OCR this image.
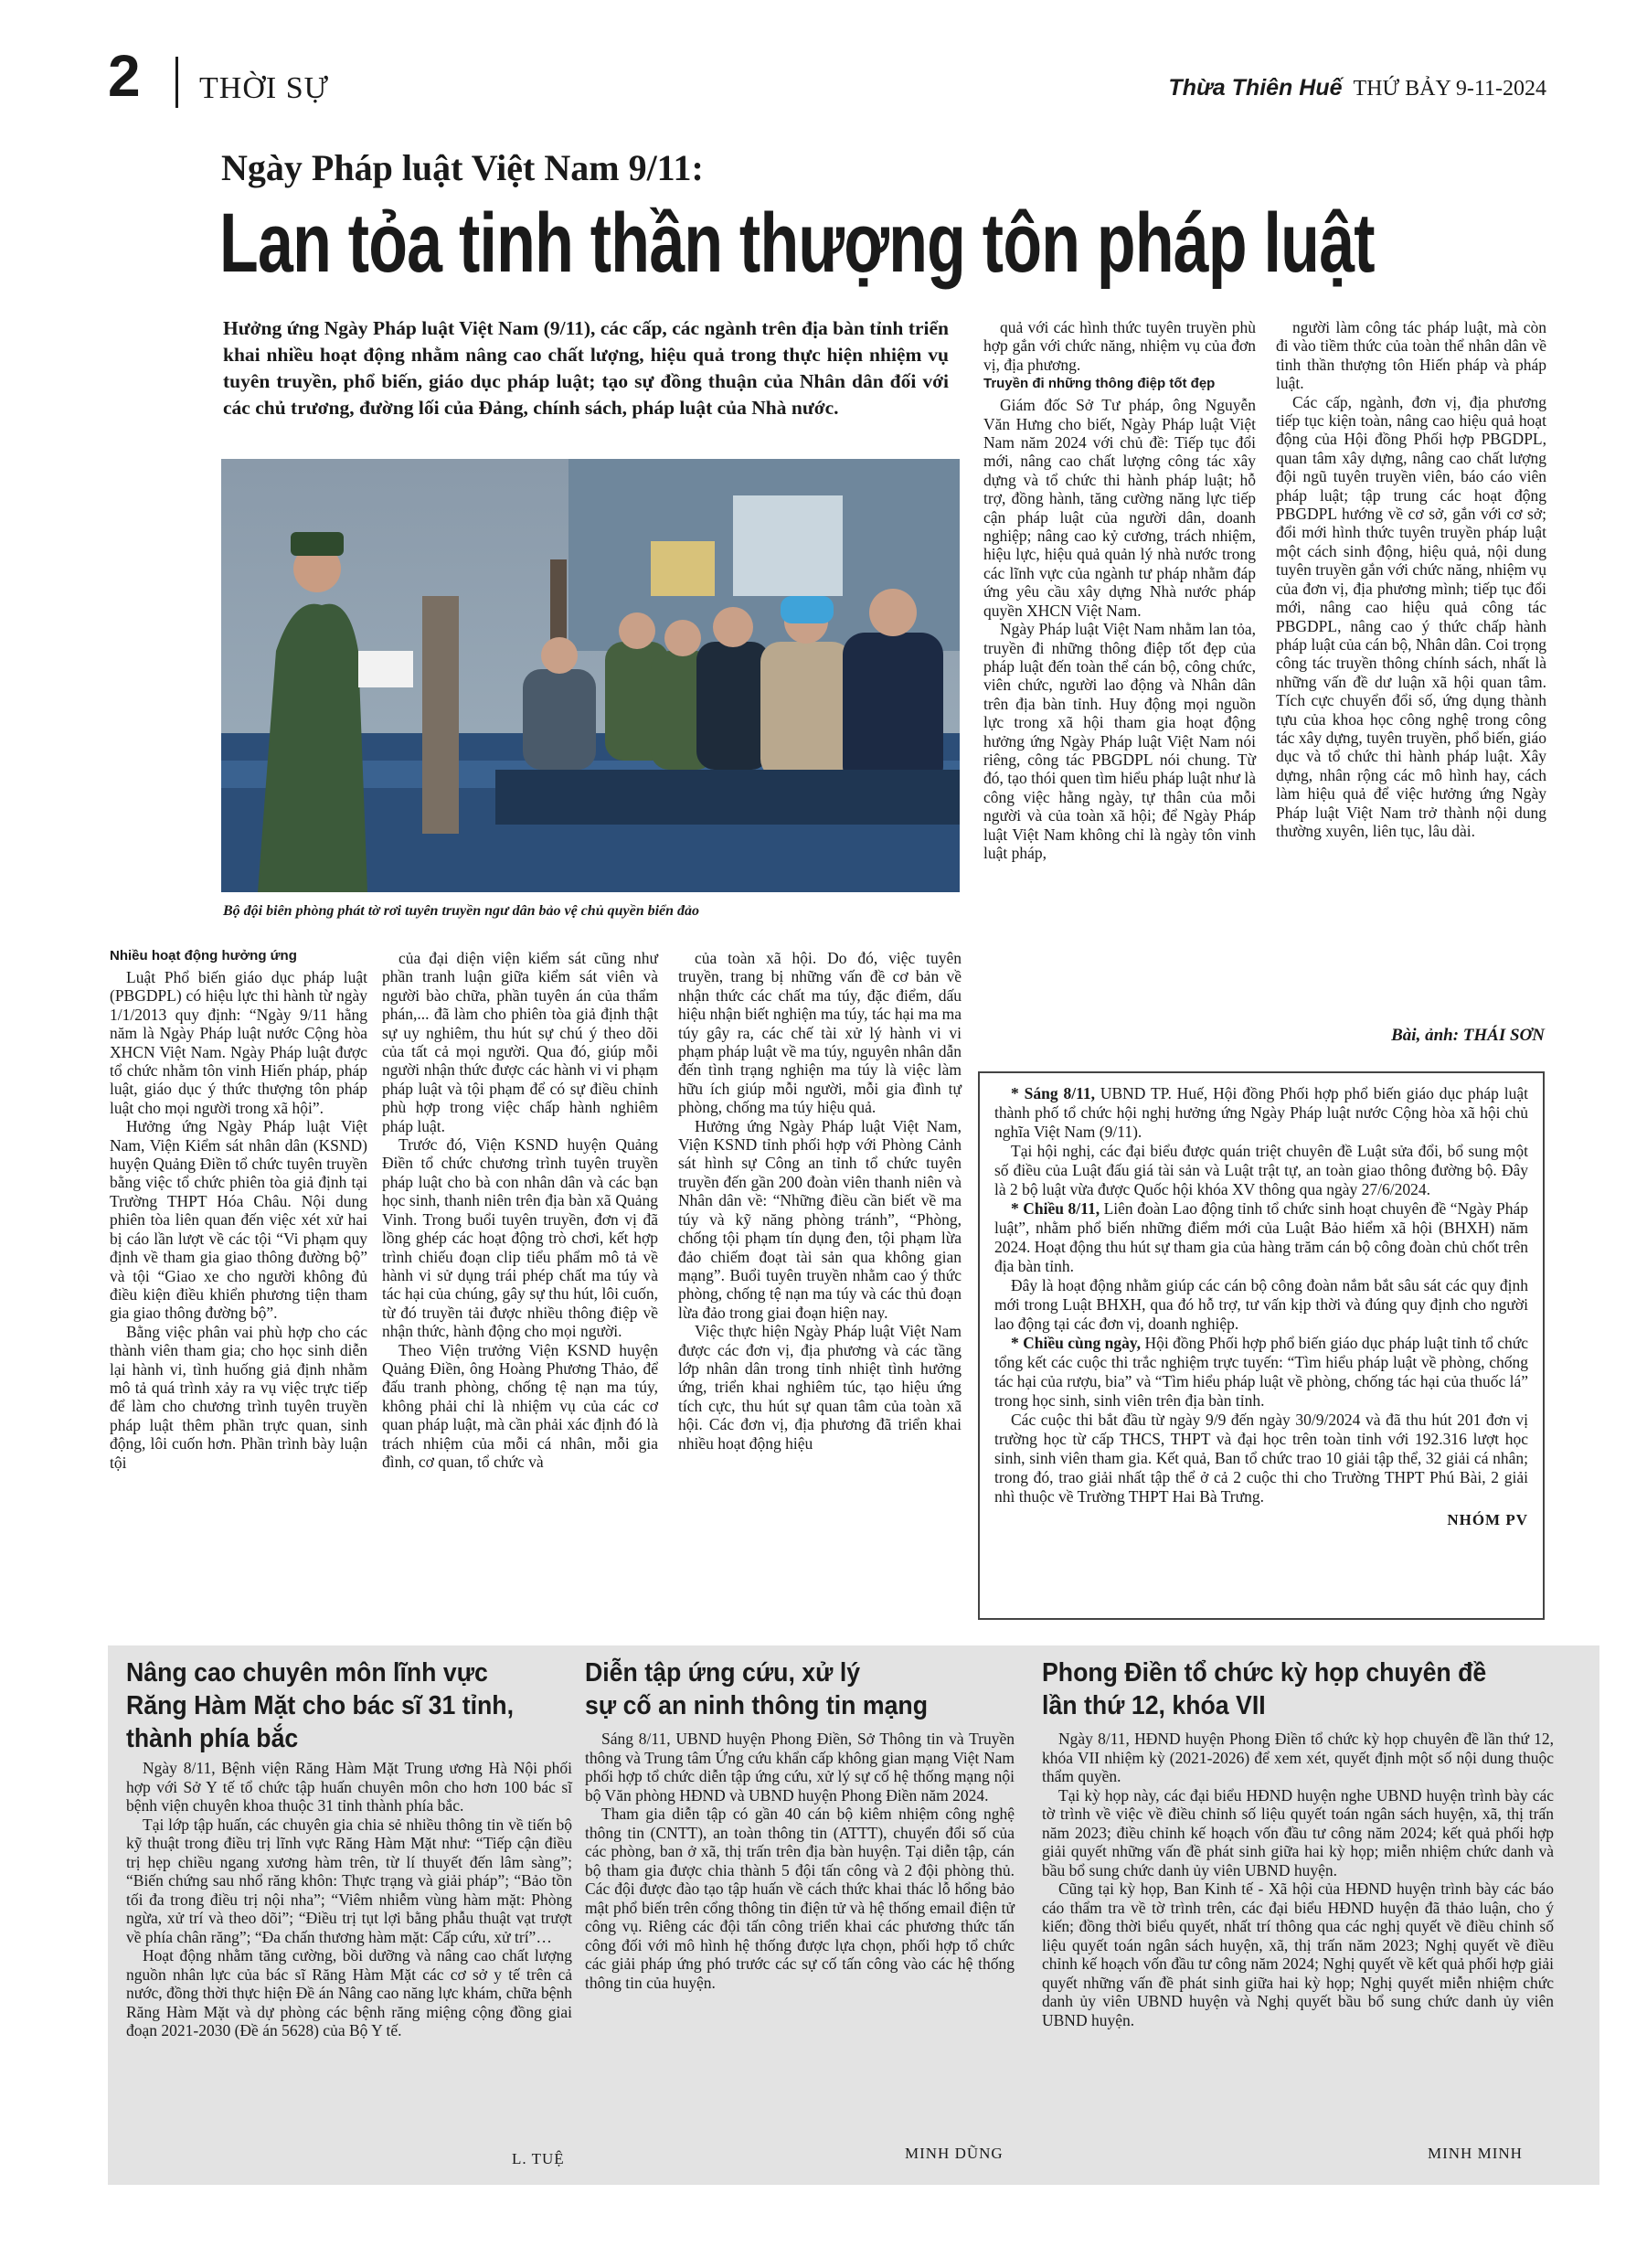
2 THỜI SỰ	Thừa Thiên Huế THỨ BẢY 9-11-2024
Ngày Pháp luật Việt Nam 9/11:
Lan tỏa tinh thần thượng tôn pháp luật
Hưởng ứng Ngày Pháp luật Việt Nam (9/11), các cấp, các ngành trên địa bàn tỉnh triển khai nhiều hoạt động nhằm nâng cao chất lượng, hiệu quả trong thực hiện nhiệm vụ tuyên truyền, phổ biến, giáo dục pháp luật; tạo sự đồng thuận của Nhân dân đối với các chủ trương, đường lối của Đảng, chính sách, pháp luật của Nhà nước.
Bộ đội biên phòng phát tờ rơi tuyên truyền ngư dân bảo vệ chủ quyền biển đảo

Nhiều hoạt động hưởng ứng

Luật Phổ biến giáo dục pháp luật (PBGDPL) có hiệu lực thi hành từ ngày 1/1/2013 quy định: “Ngày 9/11 hằng năm là Ngày Pháp luật nước Cộng hòa XHCN Việt Nam. Ngày Pháp luật được tổ chức nhằm tôn vinh Hiến pháp, pháp luật, giáo dục ý thức thượng tôn pháp luật cho mọi người trong xã hội”.

Hưởng ứng Ngày Pháp luật Việt Nam, Viện Kiểm sát nhân dân (KSND) huyện Quảng Điền tổ chức tuyên truyền bằng việc tổ chức phiên tòa giả định tại Trường THPT Hóa Châu. Nội dung phiên tòa liên quan đến việc xét xử hai bị cáo lần lượt về các tội “Vi phạm quy định về tham gia giao thông đường bộ” và tội “Giao xe cho người không đủ điều kiện điều khiển phương tiện tham gia giao thông đường bộ”.

Bằng việc phân vai phù hợp cho các thành viên tham gia; cho học sinh diễn lại hành vi, tình huống giả định nhằm mô tả quá trình xảy ra vụ việc trực tiếp để làm cho chương trình tuyên truyền pháp luật thêm phần trực quan, sinh động, lôi cuốn hơn. Phần trình bày luận tội

của đại diện viện kiểm sát cũng như phần tranh luận giữa kiểm sát viên và người bào chữa, phần tuyên án của thẩm phán,... đã làm cho phiên tòa giả định thật sự uy nghiêm, thu hút sự chú ý theo dõi của tất cả mọi người. Qua đó, giúp mỗi người nhận thức được các hành vi vi phạm pháp luật và tội phạm để có sự điều chỉnh phù hợp trong việc chấp hành nghiêm pháp luật.

Trước đó, Viện KSND huyện Quảng Điền tổ chức chương trình tuyên truyền pháp luật cho bà con nhân dân và các bạn học sinh, thanh niên trên địa bàn xã Quảng Vinh. Trong buổi tuyên truyền, đơn vị đã lồng ghép các hoạt động trò chơi, kết hợp trình chiếu đoạn clip tiểu phẩm mô tả về hành vi sử dụng trái phép chất ma túy và tác hại của chúng, gây sự thu hút, lôi cuốn, từ đó truyền tải được nhiều thông điệp về nhận thức, hành động cho mọi người.

Theo Viện trưởng Viện KSND huyện Quảng Điền, ông Hoàng Phương Thảo, để đấu tranh phòng, chống tệ nạn ma túy, không phải chỉ là nhiệm vụ của các cơ quan pháp luật, mà cần phải xác định đó là trách nhiệm của mỗi cá nhân, mỗi gia đình, cơ quan, tổ chức và

của toàn xã hội. Do đó, việc tuyên truyền, trang bị những vấn đề cơ bản về nhận thức các chất ma túy, đặc điểm, dấu hiệu nhận biết nghiện ma túy, tác hại ma ma túy gây ra, các chế tài xử lý hành vi vi phạm pháp luật về ma túy, nguyên nhân dẫn đến tình trạng nghiện ma túy là việc làm hữu ích giúp mỗi người, mỗi gia đình tự phòng, chống ma túy hiệu quả.

Hưởng ứng Ngày Pháp luật Việt Nam, Viện KSND tỉnh phối hợp với Phòng Cảnh sát hình sự Công an tỉnh tổ chức tuyên truyền đến gần 200 đoàn viên thanh niên và Nhân dân về: “Những điều cần biết về ma túy và kỹ năng phòng tránh”, “Phòng, chống tội phạm tín dụng đen, tội phạm lừa đảo chiếm đoạt tài sản qua không gian mạng”. Buổi tuyên truyền nhằm cao ý thức phòng, chống tệ nạn ma túy và các thủ đoạn lừa đảo trong giai đoạn hiện nay.

Việc thực hiện Ngày Pháp luật Việt Nam được các đơn vị, địa phương và các tầng lớp nhân dân trong tỉnh nhiệt tình hưởng ứng, triển khai nghiêm túc, tạo hiệu ứng tích cực, thu hút sự quan tâm của toàn xã hội. Các đơn vị, địa phương đã triển khai nhiều hoạt động hiệu

quả với các hình thức tuyên truyền phù hợp gắn với chức năng, nhiệm vụ của đơn vị, địa phương.

Truyền đi những thông điệp tốt đẹp

Giám đốc Sở Tư pháp, ông Nguyễn Văn Hưng cho biết, Ngày Pháp luật Việt Nam năm 2024 với chủ đề: Tiếp tục đổi mới, nâng cao chất lượng công tác xây dựng và tổ chức thi hành pháp luật; hỗ trợ, đồng hành, tăng cường năng lực tiếp cận pháp luật của người dân, doanh nghiệp; nâng cao kỷ cương, trách nhiệm, hiệu lực, hiệu quả quản lý nhà nước trong các lĩnh vực của ngành tư pháp nhằm đáp ứng yêu cầu xây dựng Nhà nước pháp quyền XHCN Việt Nam.

Ngày Pháp luật Việt Nam nhằm lan tỏa, truyền đi những thông điệp tốt đẹp của pháp luật đến toàn thể cán bộ, công chức, viên chức, người lao động và Nhân dân trên địa bàn tỉnh. Huy động mọi nguồn lực trong xã hội tham gia hoạt động hưởng ứng Ngày Pháp luật Việt Nam nói riêng, công tác PBGDPL nói chung. Từ đó, tạo thói quen tìm hiểu pháp luật như là công việc hằng ngày, tự thân của mỗi người và của toàn xã hội; để Ngày Pháp luật Việt Nam không chỉ là ngày tôn vinh luật pháp,

người làm công tác pháp luật, mà còn đi vào tiềm thức của toàn thể nhân dân về tinh thần thượng tôn Hiến pháp và pháp luật.

Các cấp, ngành, đơn vị, địa phương tiếp tục kiện toàn, nâng cao hiệu quả hoạt động của Hội đồng Phối hợp PBGDPL, quan tâm xây dựng, nâng cao chất lượng đội ngũ tuyên truyền viên, báo cáo viên pháp luật; tập trung các hoạt động PBGDPL hướng về cơ sở, gắn với cơ sở; đổi mới hình thức tuyên truyền pháp luật một cách sinh động, hiệu quả, nội dung tuyên truyền gắn với chức năng, nhiệm vụ của đơn vị, địa phương mình; tiếp tục đổi mới, nâng cao hiệu quả công tác PBGDPL, nâng cao ý thức chấp hành pháp luật của cán bộ, Nhân dân. Coi trọng công tác truyền thông chính sách, nhất là những vấn đề dư luận xã hội quan tâm. Tích cực chuyển đổi số, ứng dụng thành tựu của khoa học công nghệ trong công tác xây dựng, tuyên truyền, phổ biến, giáo dục và tổ chức thi hành pháp luật. Xây dựng, nhân rộng các mô hình hay, cách làm hiệu quả để việc hưởng ứng Ngày Pháp luật Việt Nam trở thành nội dung thường xuyên, liên tục, lâu dài.

Bài, ảnh: THÁI SƠN

* Sáng 8/11, UBND TP. Huế, Hội đồng Phối hợp phổ biến giáo dục pháp luật thành phố tổ chức hội nghị hưởng ứng Ngày Pháp luật nước Cộng hòa xã hội chủ nghĩa Việt Nam (9/11).

Tại hội nghị, các đại biểu được quán triệt chuyên đề Luật sửa đổi, bổ sung một số điều của Luật đấu giá tài sản và Luật trật tự, an toàn giao thông đường bộ. Đây là 2 bộ luật vừa được Quốc hội khóa XV thông qua ngày 27/6/2024.

* Chiều 8/11, Liên đoàn Lao động tỉnh tổ chức sinh hoạt chuyên đề “Ngày Pháp luật”, nhằm phổ biến những điểm mới của Luật Bảo hiểm xã hội (BHXH) năm 2024. Hoạt động thu hút sự tham gia của hàng trăm cán bộ công đoàn chủ chốt trên địa bàn tỉnh.

Đây là hoạt động nhằm giúp các cán bộ công đoàn nắm bắt sâu sát các quy định mới trong Luật BHXH, qua đó hỗ trợ, tư vấn kịp thời và đúng quy định cho người lao động tại các đơn vị, doanh nghiệp.

* Chiều cùng ngày, Hội đồng Phối hợp phổ biến giáo dục pháp luật tỉnh tổ chức tổng kết các cuộc thi trắc nghiệm trực tuyến: “Tìm hiểu pháp luật về phòng, chống tác hại của rượu, bia” và “Tìm hiểu pháp luật về phòng, chống tác hại của thuốc lá” trong học sinh, sinh viên trên địa bàn tỉnh.

Các cuộc thi bắt đầu từ ngày 9/9 đến ngày 30/9/2024 và đã thu hút 201 đơn vị trường học từ cấp THCS, THPT và đại học trên toàn tỉnh với 192.316 lượt học sinh, sinh viên tham gia. Kết quả, Ban tổ chức trao 10 giải tập thể, 32 giải cá nhân; trong đó, trao giải nhất tập thể ở cả 2 cuộc thi cho Trường THPT Phú Bài, 2 giải nhì thuộc về Trường THPT Hai Bà Trưng.

NHÓM PV
Nâng cao chuyên môn lĩnh vực
Răng Hàm Mặt cho bác sĩ 31 tỉnh,
thành phía bắc

Ngày 8/11, Bệnh viện Răng Hàm Mặt Trung ương Hà Nội phối hợp với Sở Y tế tổ chức tập huấn chuyên môn cho hơn 100 bác sĩ bệnh viện chuyên khoa thuộc 31 tỉnh thành phía bắc.

Tại lớp tập huấn, các chuyên gia chia sẻ nhiều thông tin về tiến bộ kỹ thuật trong điều trị lĩnh vực Răng Hàm Mặt như: “Tiếp cận điều trị hẹp chiều ngang xương hàm trên, từ lí thuyết đến lâm sàng”; “Biến chứng sau nhổ răng khôn: Thực trạng và giải pháp”; “Bảo tồn tối đa trong điều trị nội nha”; “Viêm nhiễm vùng hàm mặt: Phòng ngừa, xử trí và theo dõi”; “Điều trị tụt lợi bằng phẫu thuật vạt trượt về phía chân răng”; “Đa chấn thương hàm mặt: Cấp cứu, xử trí”…

Hoạt động nhằm tăng cường, bồi dưỡng và nâng cao chất lượng nguồn nhân lực của bác sĩ Răng Hàm Mặt các cơ sở y tế trên cả nước, đồng thời thực hiện Đề án Nâng cao năng lực khám, chữa bệnh Răng Hàm Mặt và dự phòng các bệnh răng miệng cộng đồng giai đoạn 2021-2030 (Đề án 5628) của Bộ Y tế.

L. TUỆ
Diễn tập ứng cứu, xử lý
sự cố an ninh thông tin mạng

Sáng 8/11, UBND huyện Phong Điền, Sở Thông tin và Truyền thông và Trung tâm Ứng cứu khẩn cấp không gian mạng Việt Nam phối hợp tổ chức diễn tập ứng cứu, xử lý sự cố hệ thống mạng nội bộ Văn phòng HĐND và UBND huyện Phong Điền năm 2024.

Tham gia diễn tập có gần 40 cán bộ kiêm nhiệm công nghệ thông tin (CNTT), an toàn thông tin (ATTT), chuyển đổi số của các phòng, ban ở xã, thị trấn trên địa bàn huyện. Tại diễn tập, cán bộ tham gia được chia thành 5 đội tấn công và 2 đội phòng thủ. Các đội được đào tạo tập huấn về cách thức khai thác lỗ hổng bảo mật phổ biến trên cổng thông tin điện tử và hệ thống email điện tử công vụ. Riêng các đội tấn công triển khai các phương thức tấn công đối với mô hình hệ thống được lựa chọn, phối hợp tổ chức các giải pháp ứng phó trước các sự cố tấn công vào các hệ thống thông tin của huyện.

MINH DŨNG
Phong Điền tổ chức kỳ họp chuyên đề
lần thứ 12, khóa VII

Ngày 8/11, HĐND huyện Phong Điền tổ chức kỳ họp chuyên đề lần thứ 12, khóa VII nhiệm kỳ (2021-2026) để xem xét, quyết định một số nội dung thuộc thẩm quyền.

Tại kỳ họp này, các đại biểu HĐND huyện nghe UBND huyện trình bày các tờ trình về việc về điều chỉnh số liệu quyết toán ngân sách huyện, xã, thị trấn năm 2023; điều chỉnh kế hoạch vốn đầu tư công năm 2024; kết quả phối hợp giải quyết những vấn đề phát sinh giữa hai kỳ họp; miễn nhiệm chức danh và bầu bổ sung chức danh ủy viên UBND huyện.

Cũng tại kỳ họp, Ban Kinh tế - Xã hội của HĐND huyện trình bày các báo cáo thẩm tra về tờ trình trên, các đại biểu HĐND huyện đã thảo luận, cho ý kiến; đồng thời biểu quyết, nhất trí thông qua các nghị quyết về điều chỉnh số liệu quyết toán ngân sách huyện, xã, thị trấn năm 2023; Nghị quyết về điều chỉnh kế hoạch vốn đầu tư công năm 2024; Nghị quyết về kết quả phối hợp giải quyết những vấn đề phát sinh giữa hai kỳ họp; Nghị quyết miễn nhiệm chức danh ủy viên UBND huyện và Nghị quyết bầu bổ sung chức danh ủy viên UBND huyện.

MINH MINH
